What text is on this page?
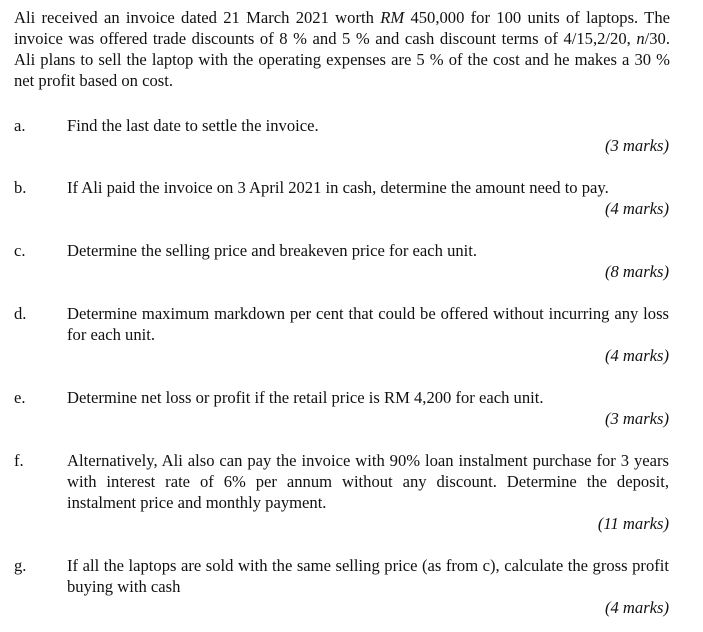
Ali received an invoice dated 21 March 2021 worth RM 450,000 for 100 units of laptops. The invoice was offered trade discounts of 8 % and 5 % and cash discount terms of 4/15,2/20, n/30. Ali plans to sell the laptop with the operating expenses are 5 % of the cost and he makes a 30 % net profit based on cost.

a. Find the last date to settle the invoice.

(3 marks)
b. If Ali paid the invoice on 3 April 2021 in cash, determine the amount need to pay.

(4 marks)
c. Determine the selling price and breakeven price for each unit.

(8 marks)
d. Determine maximum markdown per cent that could be offered without incurring any loss for each unit.

(4 marks)
e. Determine net loss or profit if the retail price is RM 4,200 for each unit.

(3 marks)
f.	Alternatively, Ali also can pay the invoice with 90% loan instalment purchase for 3 years with interest rate of 6% per annum without any discount. Determine the deposit, instalment price and monthly payment.

(11 marks)
g. If all the laptops are sold with the same selling price (as from c), calculate the gross profit buying with cash

(4 marks)
